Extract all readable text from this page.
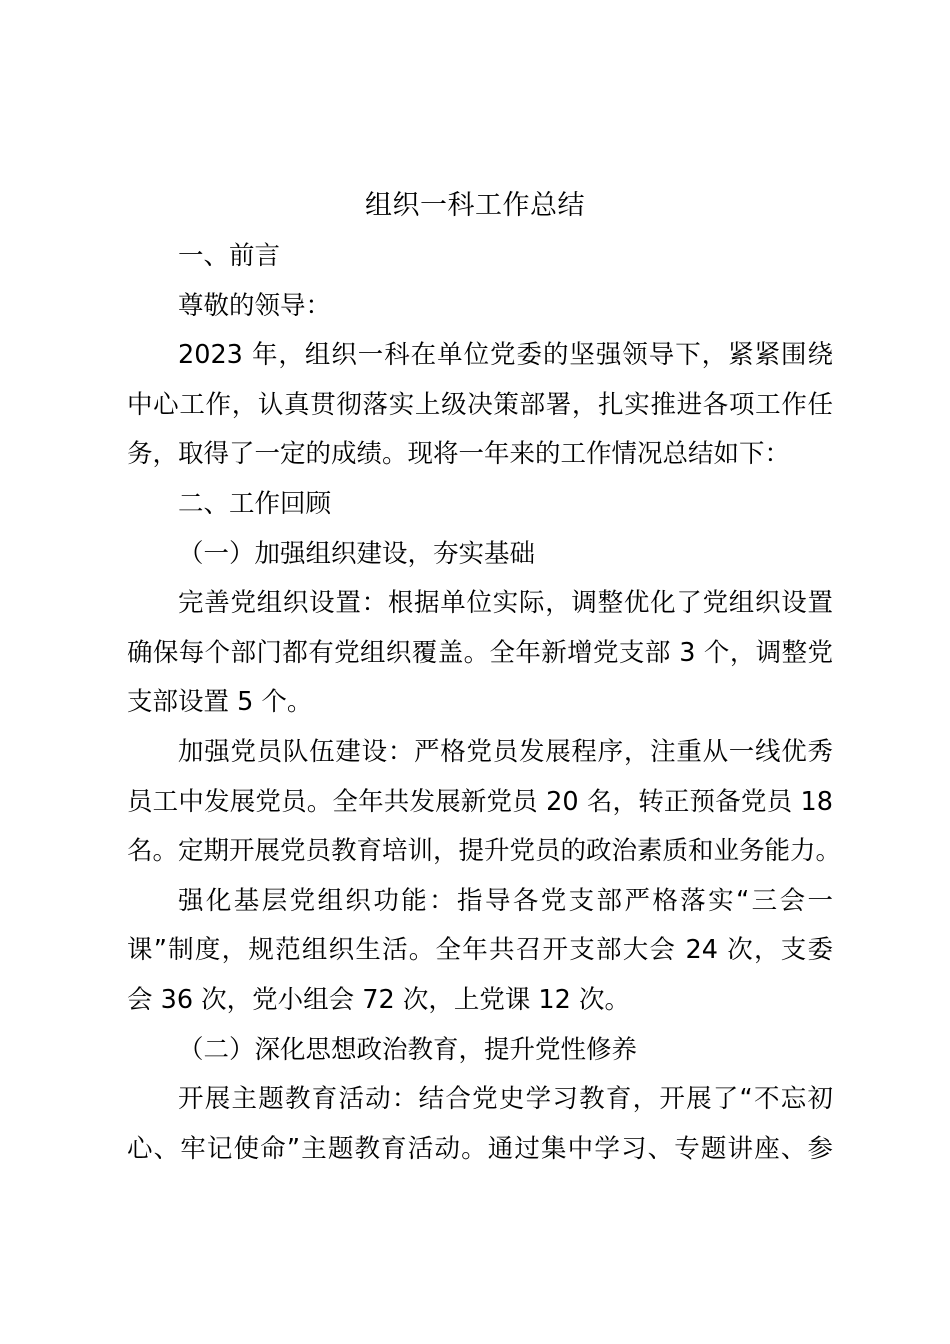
组织一科工作总结
一、前言
尊敬的领导：
2023 年，组织一科在单位党委的坚强领导下，紧紧围绕
中心工作，认真贯彻落实上级决策部署，扎实推进各项工作任
务，取得了一定的成绩。现将一年来的工作情况总结如下：
二、工作回顾
（一）加强组织建设，夯实基础
完善党组织设置：根据单位实际，调整优化了党组织设置
确保每个部门都有党组织覆盖。全年新增党支部 3 个，调整党
支部设置 5 个。
加强党员队伍建设：严格党员发展程序，注重从一线优秀
员工中发展党员。全年共发展新党员 20 名，转正预备党员 18
名。定期开展党员教育培训，提升党员的政治素质和业务能力。
强化基层党组织功能：指导各党支部严格落实“三会一
课”制度，规范组织生活。全年共召开支部大会 24 次，支委
会 36 次，党小组会 72 次，上党课 12 次。
（二）深化思想政治教育，提升党性修养
开展主题教育活动：结合党史学习教育，开展了“不忘初
心、牢记使命”主题教育活动。通过集中学习、专题讲座、参
